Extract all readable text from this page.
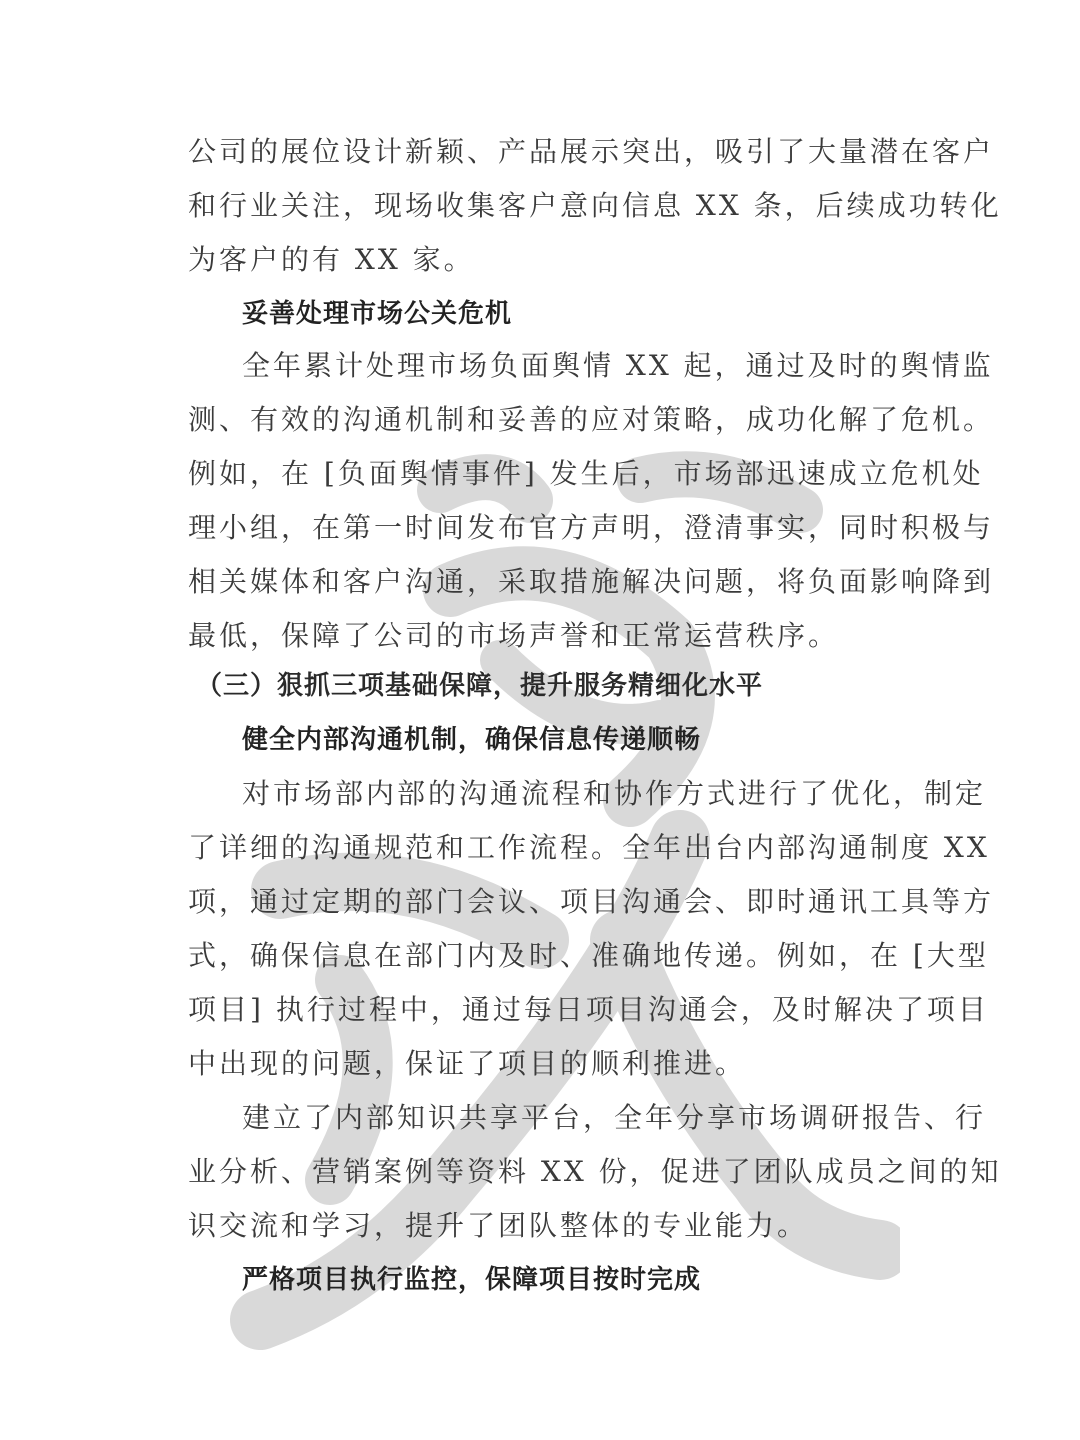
公司的展位设计新颖、产品展示突出，吸引了大量潜在客户
和行业关注，现场收集客户意向信息 XX 条，后续成功转化
为客户的有 XX 家。
妥善处理市场公关危机
全年累计处理市场负面舆情 XX 起，通过及时的舆情监
测、有效的沟通机制和妥善的应对策略，成功化解了危机。
例如，在 [负面舆情事件] 发生后，市场部迅速成立危机处
理小组，在第一时间发布官方声明，澄清事实，同时积极与
相关媒体和客户沟通，采取措施解决问题，将负面影响降到
最低，保障了公司的市场声誉和正常运营秩序。
（三）狠抓三项基础保障，提升服务精细化水平
健全内部沟通机制，确保信息传递顺畅
对市场部内部的沟通流程和协作方式进行了优化，制定
了详细的沟通规范和工作流程。全年出台内部沟通制度 XX
项，通过定期的部门会议、项目沟通会、即时通讯工具等方
式，确保信息在部门内及时、准确地传递。例如，在 [大型
项目] 执行过程中，通过每日项目沟通会，及时解决了项目
中出现的问题，保证了项目的顺利推进。
建立了内部知识共享平台，全年分享市场调研报告、行
业分析、营销案例等资料 XX 份，促进了团队成员之间的知
识交流和学习，提升了团队整体的专业能力。
严格项目执行监控，保障项目按时完成
